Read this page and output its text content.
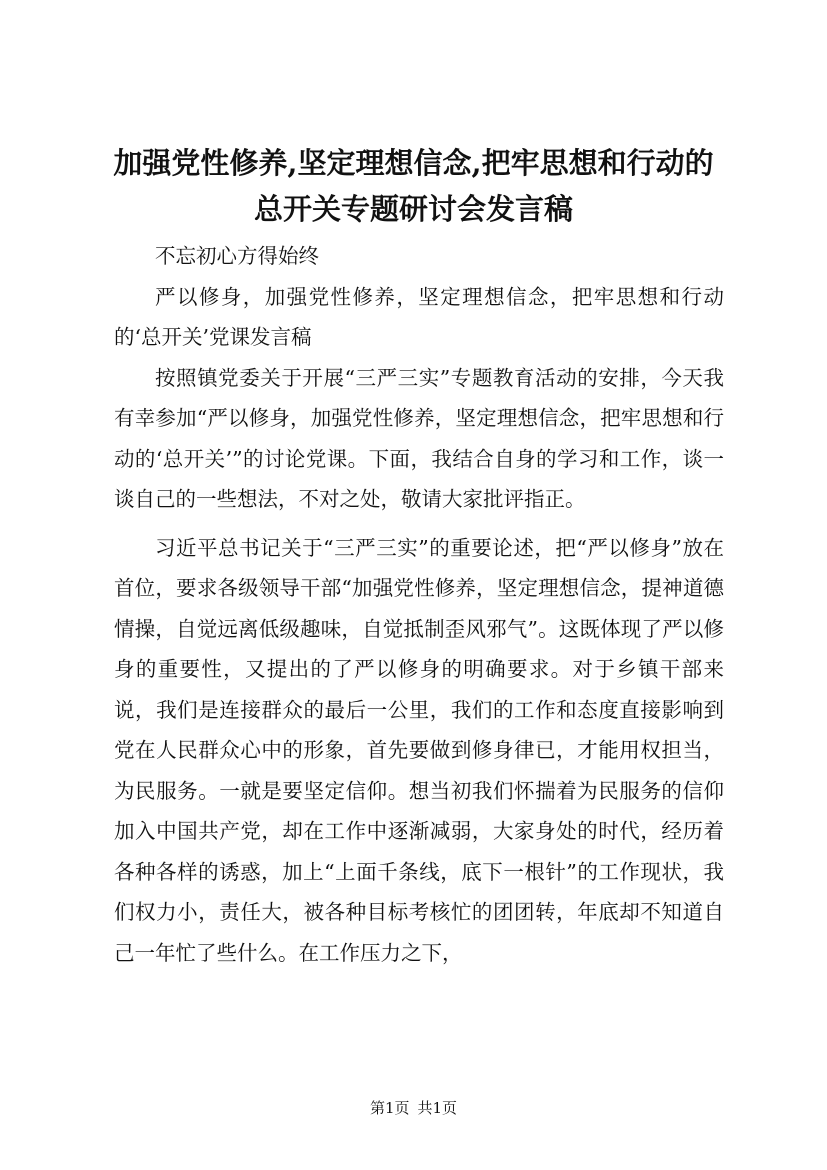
加强党性修养,坚定理想信念,把牢思想和行动的总开关专题研讨会发言稿

不忘初心方得始终

严以修身，加强党性修养，坚定理想信念，把牢思想和行动的‘总开关’党课发言稿

按照镇党委关于开展“三严三实”专题教育活动的安排，今天我有幸参加“严以修身，加强党性修养，坚定理想信念，把牢思想和行动的‘总开关’”的讨论党课。下面，我结合自身的学习和工作，谈一谈自己的一些想法，不对之处，敬请大家批评指正。

习近平总书记关于“三严三实”的重要论述，把“严以修身”放在首位，要求各级领导干部“加强党性修养，坚定理想信念，提神道德情操，自觉远离低级趣味，自觉抵制歪风邪气”。这既体现了严以修身的重要性，又提出的了严以修身的明确要求。对于乡镇干部来说，我们是连接群众的最后一公里，我们的工作和态度直接影响到党在人民群众心中的形象，首先要做到修身律已，才能用权担当，为民服务。一就是要坚定信仰。想当初我们怀揣着为民服务的信仰加入中国共产党，却在工作中逐渐减弱，大家身处的时代，经历着各种各样的诱惑，加上“上面千条线，底下一根针”的工作现状，我们权力小，责任大，被各种目标考核忙的团团转，年底却不知道自己一年忙了些什么。在工作压力之下，

第1页 共1页
